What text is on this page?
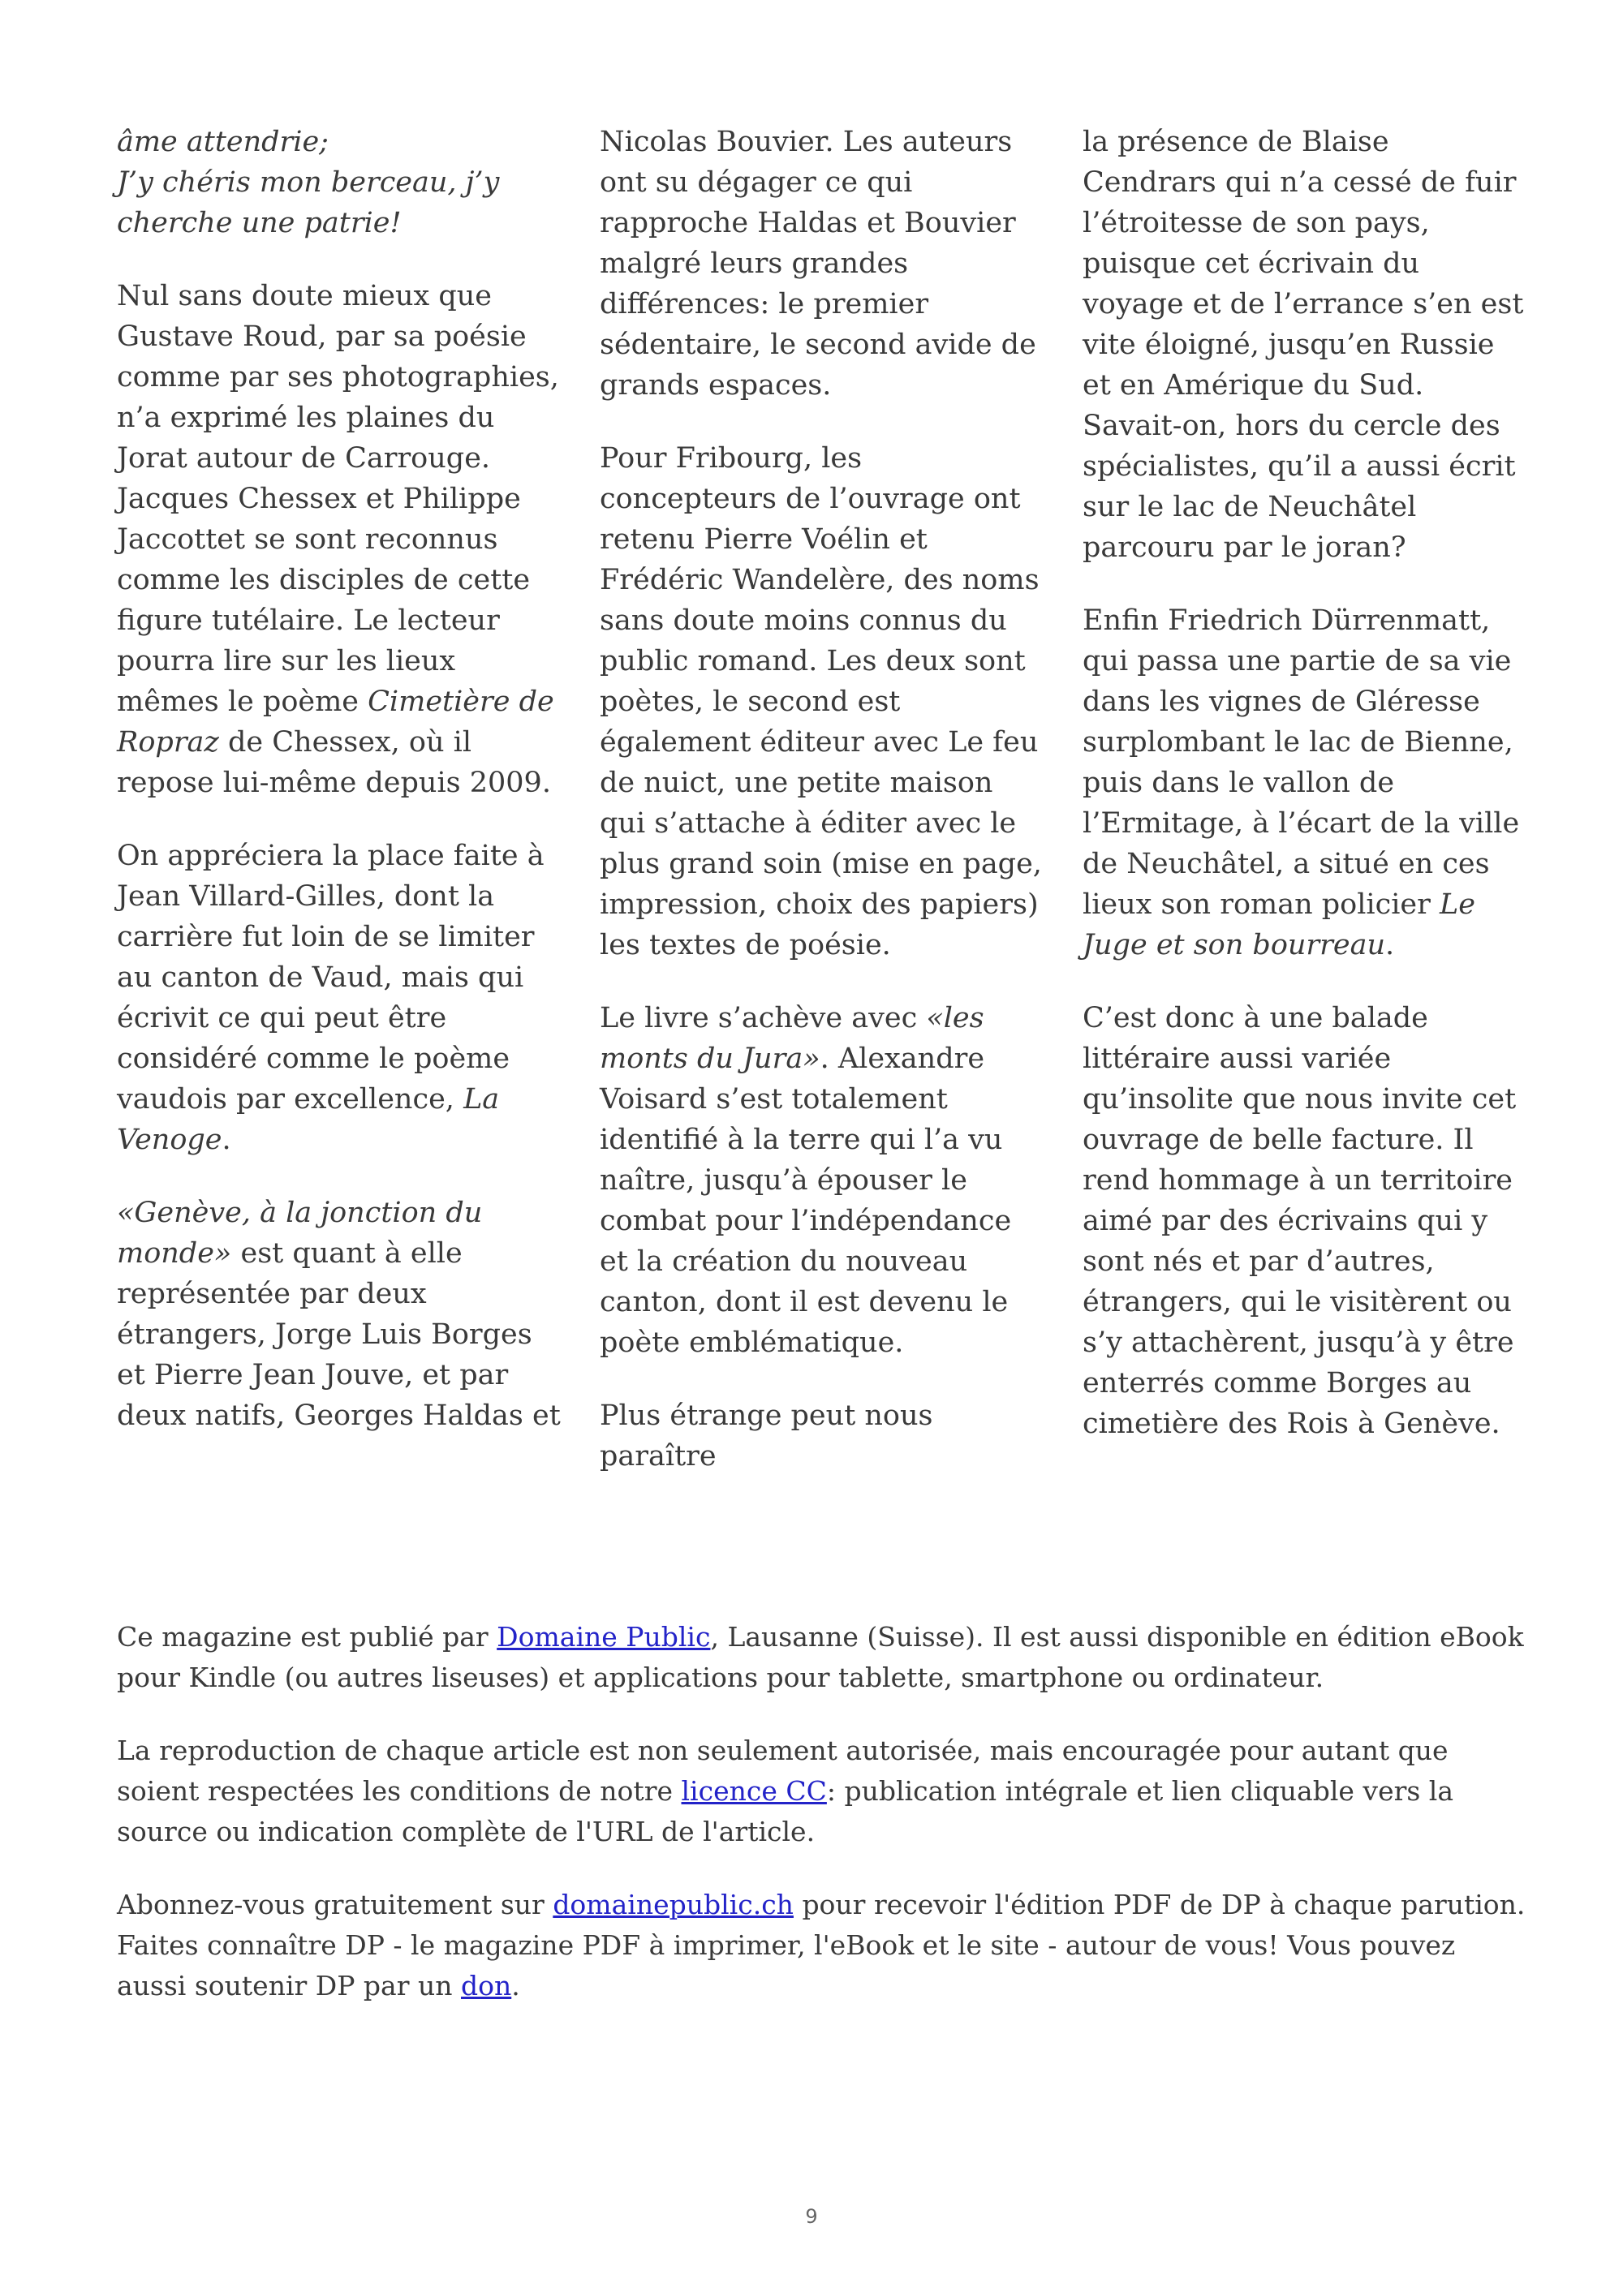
âme attendrie;
J’y chéris mon berceau, j’y cherche une patrie!

Nul sans doute mieux que Gustave Roud, par sa poésie comme par ses photographies, n’a exprimé les plaines du Jorat autour de Carrouge. Jacques Chessex et Philippe Jaccottet se sont reconnus comme les disciples de cette figure tutélaire. Le lecteur pourra lire sur les lieux mêmes le poème Cimetière de Ropraz de Chessex, où il repose lui-même depuis 2009.

On appréciera la place faite à Jean Villard-Gilles, dont la carrière fut loin de se limiter au canton de Vaud, mais qui écrivit ce qui peut être considéré comme le poème vaudois par excellence, La Venoge.

«Genève, à la jonction du monde» est quant à elle représentée par deux étrangers, Jorge Luis Borges et Pierre Jean Jouve, et par deux natifs, Georges Haldas et

Nicolas Bouvier. Les auteurs ont su dégager ce qui rapproche Haldas et Bouvier malgré leurs grandes différences: le premier sédentaire, le second avide de grands espaces.

Pour Fribourg, les concepteurs de l’ouvrage ont retenu Pierre Voélin et Frédéric Wandelère, des noms sans doute moins connus du public romand. Les deux sont poètes, le second est également éditeur avec Le feu de nuict, une petite maison qui s’attache à éditer avec le plus grand soin (mise en page, impression, choix des papiers) les textes de poésie.

Le livre s’achève avec «les monts du Jura». Alexandre Voisard s’est totalement identifié à la terre qui l’a vu naître, jusqu’à épouser le combat pour l’indépendance et la création du nouveau canton, dont il est devenu le poète emblématique.

Plus étrange peut nous paraître

la présence de Blaise Cendrars qui n’a cessé de fuir l’étroitesse de son pays, puisque cet écrivain du voyage et de l’errance s’en est vite éloigné, jusqu’en Russie et en Amérique du Sud. Savait-on, hors du cercle des spécialistes, qu’il a aussi écrit sur le lac de Neuchâtel parcouru par le joran?

Enfin Friedrich Dürrenmatt, qui passa une partie de sa vie dans les vignes de Gléresse surplombant le lac de Bienne, puis dans le vallon de l’Ermitage, à l’écart de la ville de Neuchâtel, a situé en ces lieux son roman policier Le Juge et son bourreau.

C’est donc à une balade littéraire aussi variée qu’insolite que nous invite cet ouvrage de belle facture. Il rend hommage à un territoire aimé par des écrivains qui y sont nés et par d’autres, étrangers, qui le visitèrent ou s’y attachèrent, jusqu’à y être enterrés comme Borges au cimetière des Rois à Genève.

Ce magazine est publié par Domaine Public, Lausanne (Suisse). Il est aussi disponible en édition eBook pour Kindle (ou autres liseuses) et applications pour tablette, smartphone ou ordinateur.

La reproduction de chaque article est non seulement autorisée, mais encouragée pour autant que soient respectées les conditions de notre licence CC: publication intégrale et lien cliquable vers la source ou indication complète de l'URL de l'article.

Abonnez-vous gratuitement sur domainepublic.ch pour recevoir l'édition PDF de DP à chaque parution. Faites connaître DP - le magazine PDF à imprimer, l'eBook et le site - autour de vous! Vous pouvez aussi soutenir DP par un don.

9
